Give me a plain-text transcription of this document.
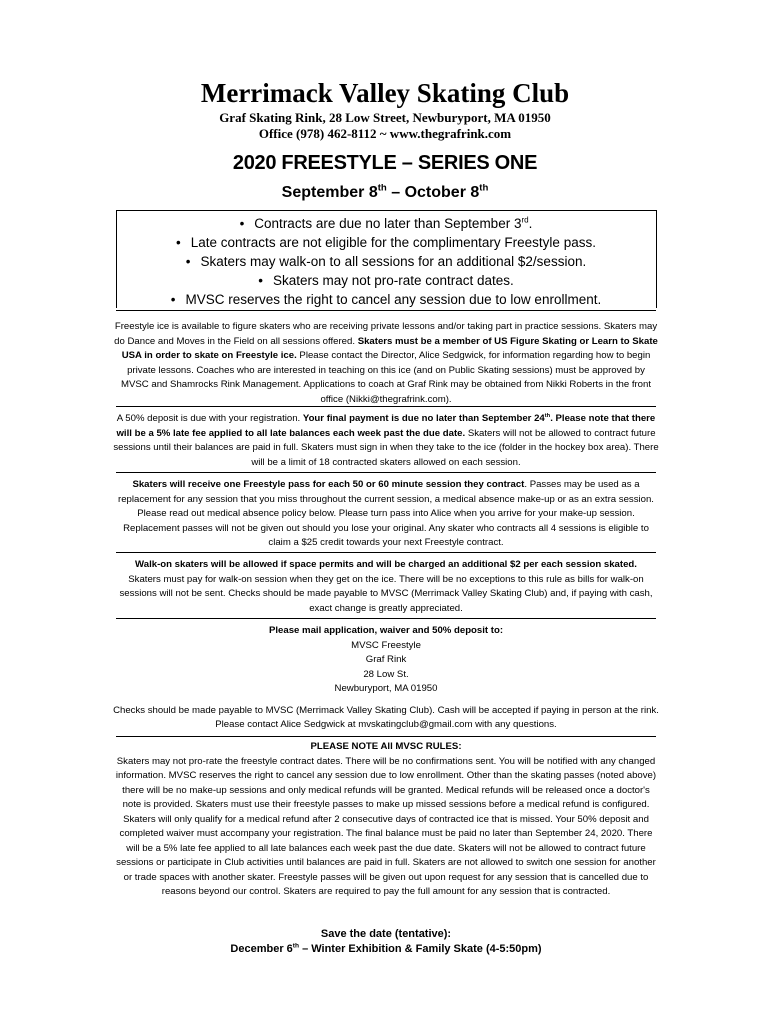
Merrimack Valley Skating Club
Graf Skating Rink, 28 Low Street, Newburyport, MA 01950
Office (978) 462-8112 ~ www.thegrafrink.com
2020 FREESTYLE – SERIES ONE
September 8th – October 8th
• Contracts are due no later than September 3rd.
• Late contracts are not eligible for the complimentary Freestyle pass.
• Skaters may walk-on to all sessions for an additional $2/session.
• Skaters may not pro-rate contract dates.
• MVSC reserves the right to cancel any session due to low enrollment.
Freestyle ice is available to figure skaters who are receiving private lessons and/or taking part in practice sessions. Skaters may do Dance and Moves in the Field on all sessions offered. Skaters must be a member of US Figure Skating or Learn to Skate USA in order to skate on Freestyle ice. Please contact the Director, Alice Sedgwick, for information regarding how to begin private lessons. Coaches who are interested in teaching on this ice (and on Public Skating sessions) must be approved by MVSC and Shamrocks Rink Management. Applications to coach at Graf Rink may be obtained from Nikki Roberts in the front office (Nikki@thegrafrink.com).
A 50% deposit is due with your registration. Your final payment is due no later than September 24th. Please note that there will be a 5% late fee applied to all late balances each week past the due date. Skaters will not be allowed to contract future sessions until their balances are paid in full. Skaters must sign in when they take to the ice (folder in the hockey box area). There will be a limit of 18 contracted skaters allowed on each session.
Skaters will receive one Freestyle pass for each 50 or 60 minute session they contract. Passes may be used as a replacement for any session that you miss throughout the current session, a medical absence make-up or as an extra session. Please read out medical absence policy below. Please turn pass into Alice when you arrive for your make-up session. Replacement passes will not be given out should you lose your original. Any skater who contracts all 4 sessions is eligible to claim a $25 credit towards your next Freestyle contract.
Walk-on skaters will be allowed if space permits and will be charged an additional $2 per each session skated.
Skaters must pay for walk-on session when they get on the ice. There will be no exceptions to this rule as bills for walk-on sessions will not be sent. Checks should be made payable to MVSC (Merrimack Valley Skating Club) and, if paying with cash, exact change is greatly appreciated.
Please mail application, waiver and 50% deposit to:
MVSC Freestyle
Graf Rink
28 Low St.
Newburyport, MA 01950
Checks should be made payable to MVSC (Merrimack Valley Skating Club). Cash will be accepted if paying in person at the rink. Please contact Alice Sedgwick at mvskatingclub@gmail.com with any questions.
PLEASE NOTE All MVSC RULES:
Skaters may not pro-rate the freestyle contract dates. There will be no confirmations sent. You will be notified with any changed information. MVSC reserves the right to cancel any session due to low enrollment. Other than the skating passes (noted above) there will be no make-up sessions and only medical refunds will be granted. Medical refunds will be released once a doctor's note is provided. Skaters must use their freestyle passes to make up missed sessions before a medical refund is configured. Skaters will only qualify for a medical refund after 2 consecutive days of contracted ice that is missed. Your 50% deposit and completed waiver must accompany your registration. The final balance must be paid no later than September 24, 2020. There will be a 5% late fee applied to all late balances each week past the due date. Skaters will not be allowed to contract future sessions or participate in Club activities until balances are paid in full. Skaters are not allowed to switch one session for another or trade spaces with another skater. Freestyle passes will be given out upon request for any session that is cancelled due to reasons beyond our control. Skaters are required to pay the full amount for any session that is contracted.
Save the date (tentative):
December 6th – Winter Exhibition & Family Skate (4-5:50pm)
